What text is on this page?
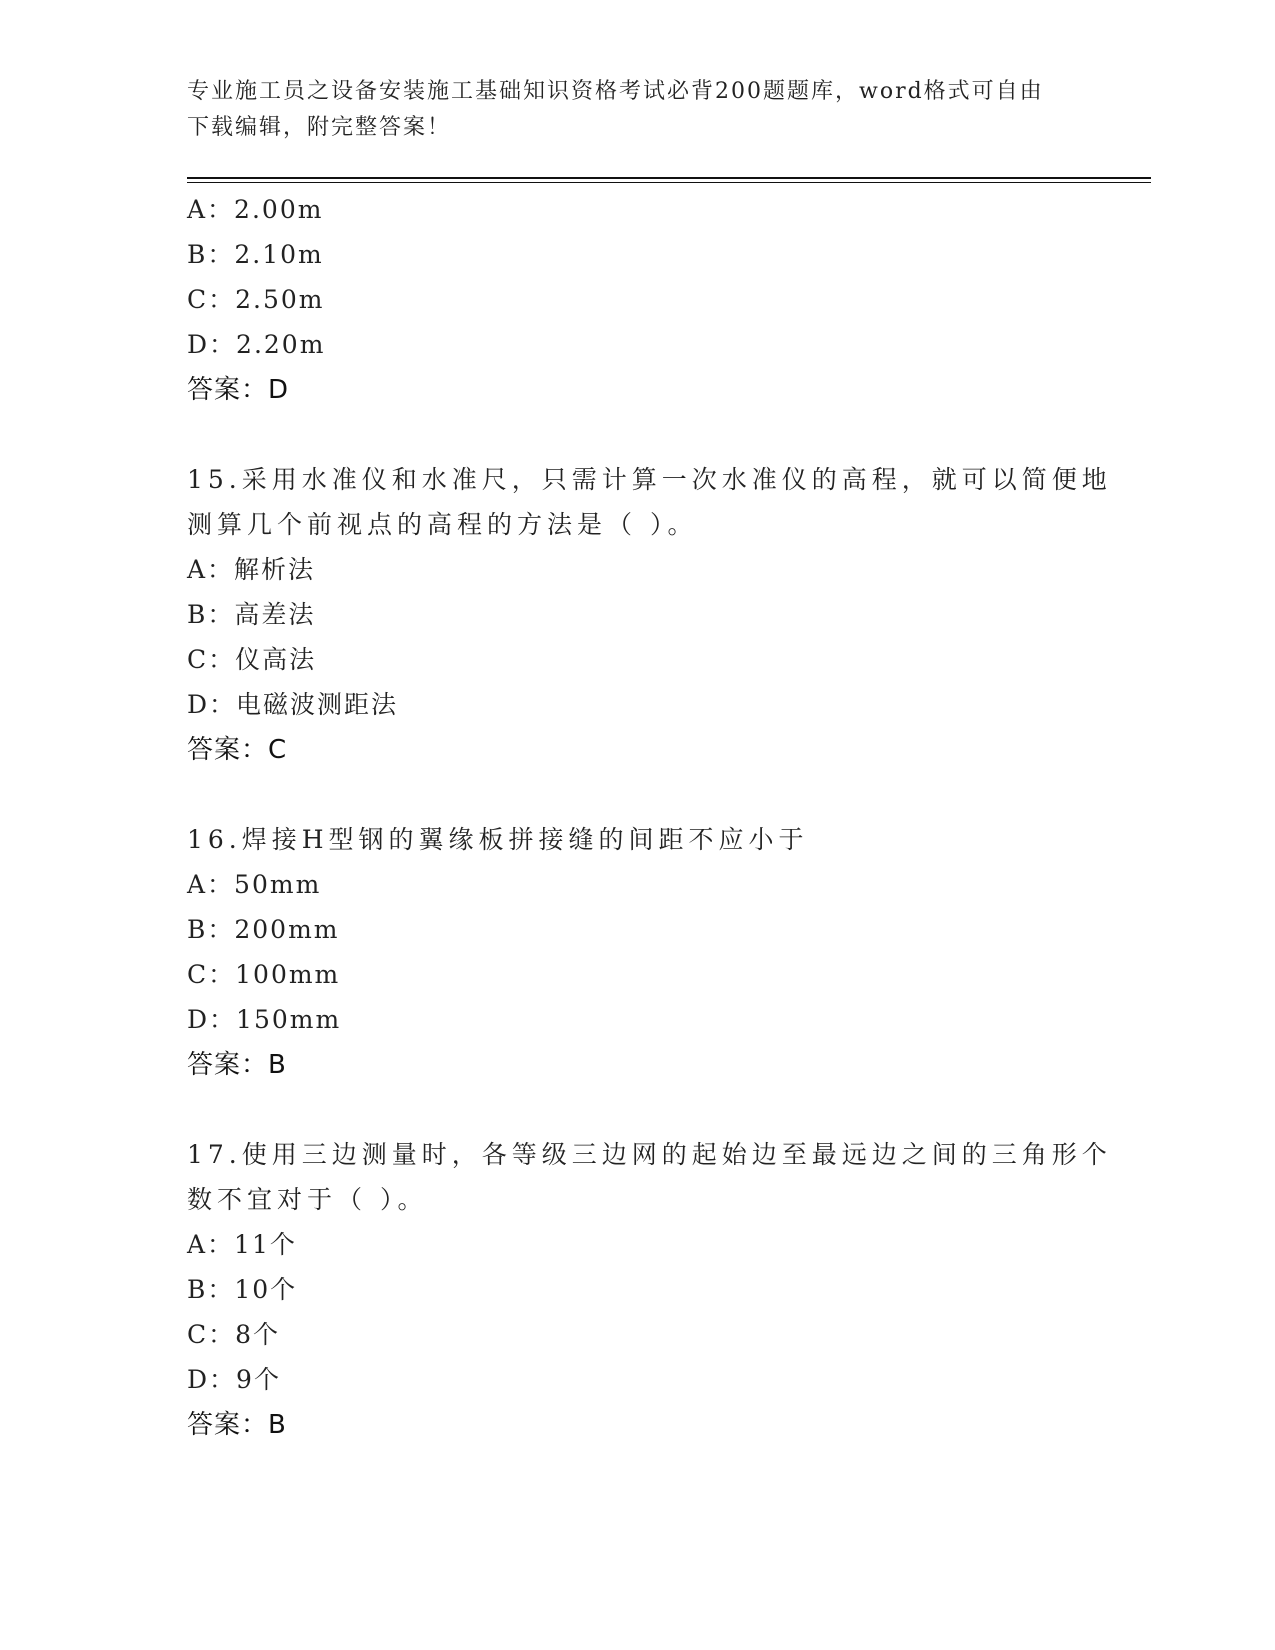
专业施工员之设备安装施工基础知识资格考试必背200题题库，word格式可自由
下载编辑，附完整答案！
A：2.00m
B：2.10m
C：2.50m
D：2.20m
答案：D
15.采用水准仪和水准尺，只需计算一次水准仪的高程，就可以简便地
测算几个前视点的高程的方法是（ ）。
A：解析法
B：高差法
C：仪高法
D：电磁波测距法
答案：C
16.焊接H型钢的翼缘板拼接缝的间距不应小于
A：50mm
B：200mm
C：100mm
D：150mm
答案：B
17.使用三边测量时，各等级三边网的起始边至最远边之间的三角形个
数不宜对于（ ）。
A：11个
B：10个
C：8个
D：9个
答案：B
